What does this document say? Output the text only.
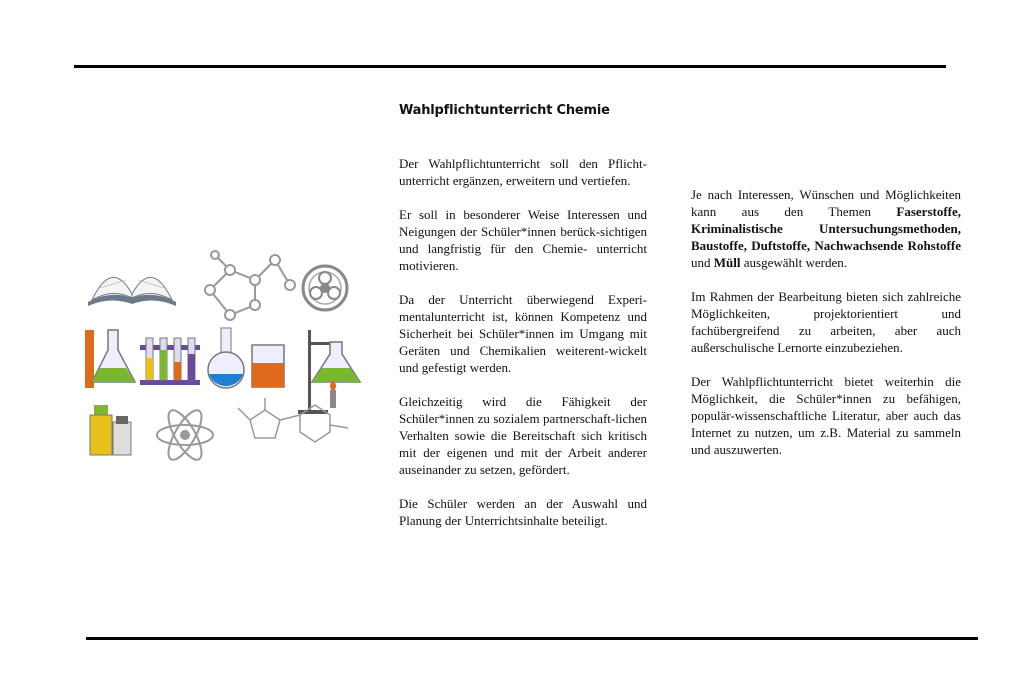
Wahlpflichtunterricht Chemie

Der Wahlpflichtunterricht soll den Pflicht-unterricht ergänzen, erweitern und vertiefen.

Er soll in besonderer Weise Interessen und Neigungen der Schüler*innen berück-sichtigen und langfristig für den Chemie- unterricht motivieren.

Da der Unterricht überwiegend Experi-mentalunterricht ist, können Kompetenz und Sicherheit bei Schüler*innen im Umgang mit Geräten und Chemikalien weiterent-wickelt und gefestigt werden.

Gleichzeitig wird die Fähigkeit der Schüler*innen zu sozialem partnerschaft-lichen Verhalten sowie die Bereitschaft sich kritisch mit der eigenen und mit der Arbeit anderer auseinander zu setzen, gefördert.

Die Schüler werden an der Auswahl und Planung der Unterrichtsinhalte beteiligt.

Je nach Interessen, Wünschen und Möglichkeiten kann aus den Themen Faserstoffe, Kriminalistische Untersuchungsmethoden, Baustoffe, Duftstoffe, Nachwachsende Rohstoffe und Müll ausgewählt werden.

Im Rahmen der Bearbeitung bieten sich zahlreiche Möglichkeiten, projektorientiert und fachübergreifend zu arbeiten, aber auch außerschulische Lernorte einzubeziehen.

Der Wahlpflichtunterricht bietet weiterhin die Möglichkeit, die Schüler*innen zu befähigen, populär-wissenschaftliche Literatur, aber auch das Internet zu nutzen, um z.B. Material zu sammeln und auszuwerten.
